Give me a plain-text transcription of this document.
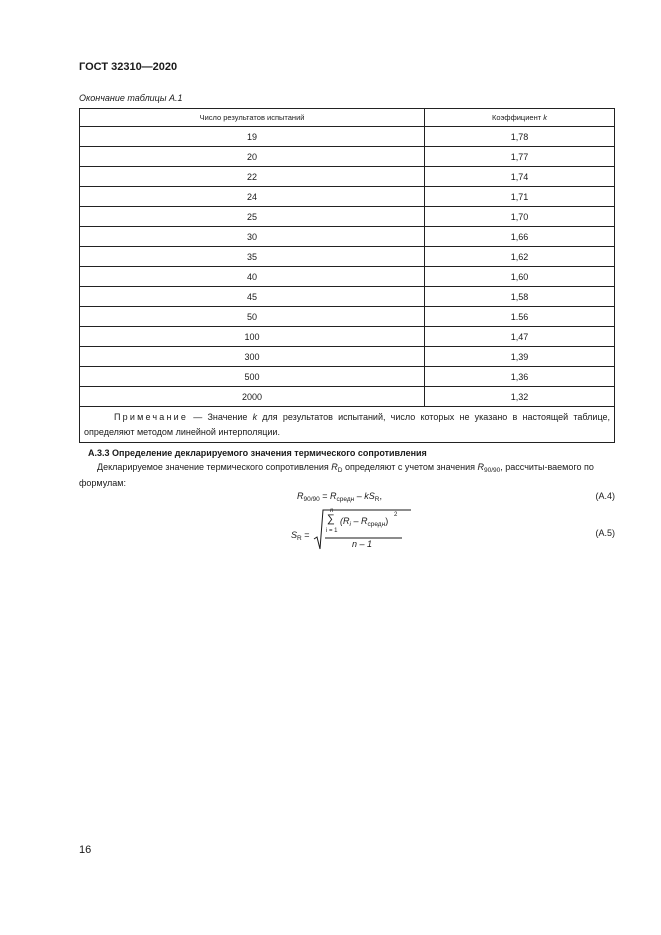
ГОСТ 32310—2020
Окончание таблицы А.1
Число результатов испытаний	Коэффициент k
19	1,78
20	1,77
22	1,74
24	1,71
25	1,70
30	1,66
35	1,62
40	1,60
45	1,58
50	1.56
100	1,47
300	1,39
500	1,36
2000	1,32
Примечание — Значение k для результатов испытаний, число которых не указано в настоящей таблице, определяют методом линейной интерполяции.	
А.3.3 Определение декларируемого значения термического сопротивления
Декларируемое значение термического сопротивления $R_D$ определяют с учетом значения $R_{90/90}$, рассчиты-ваемого по формулам:
$R_{90/90} = R_{средн} - kS_R$,	(А.4)
$S_R$ =
n
∑
i = 1
$(R_i - R_{средн})$
2
n – 1
(А.5)
16
